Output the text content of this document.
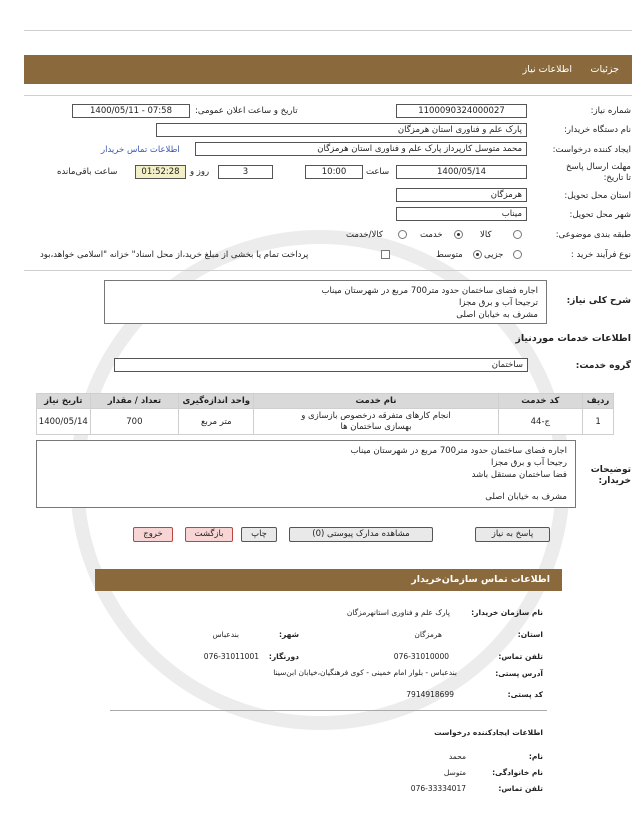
جزئیات
اطلاعات نیاز
شماره نیاز:
1100090324000027
تاریخ و ساعت اعلان عمومی:
1400/05/11 - 07:58
نام دستگاه خریدار:
پارک علم و فناوری استان هرمزگان
ایجاد کننده درخواست:
محمد متوسل کارپرداز پارک علم و فناوری استان هرمزگان
اطلاعات تماس خریدار
مهلت ارسال پاسخ تا تاریخ:
1400/05/14
ساعت
10:00
3
روز و
01:52:28
ساعت باقی‌مانده
استان محل تحویل:
هرمزگان
شهر محل تحویل:
میناب
طبقه بندی موضوعی:
کالا
خدمت
کالا/خدمت
نوع فرآیند خرید :
جزیی
متوسط
پرداخت تمام یا بخشی از مبلغ خرید،از محل اسناد" خزانه "اسلامی خواهد،بود
شرح کلی نیاز:
اجاره فضای ساختمان حدود متر700 مربع در شهرستان میناب
ترجیحا آب و برق مجزا
مشرف به خیابان اصلی
اطلاعات خدمات موردنیاز
گروه خدمت:
ساختمان
تاریخ نیاز	تعداد / مقدار	واحد اندازه‌گیری	نام خدمت	کد خدمت	ردیف
1400/05/14	700	متر مربع	انجام کارهای متفرقه درخصوص بازسازی و
بهسازی ساختمان ها	ج-44	1
توضیحات خریدار:
اجاره فضای ساختمان حدود متر700 مربع در شهرستان میناب
رجیحا آب و برق مجزا
فضا ساختمان مستقل باشد
مشرف به خیابان اصلی
پاسخ به نیاز
مشاهده مدارک پیوستی (0)
چاپ
بازگشت
خروج
اطلاعات تماس سازمان‌خریدار
نام سازمان خریدار:
پارک علم و فناوری استانهرمزگان
استان:
هرمزگان
شهر:
بندعباس
تلفن تماس:
076-31010000
دورنگار:
076-31011001
آدرس پستی:
بندعباس - بلوار امام خمینی - کوی فرهنگیان،خیابان ابن‌سینا
کد پستی:
7914918699
اطلاعات ایجادکننده درخواست
نام:
محمد
نام خانوادگی:
متوسل
تلفن تماس:
076-33334017
